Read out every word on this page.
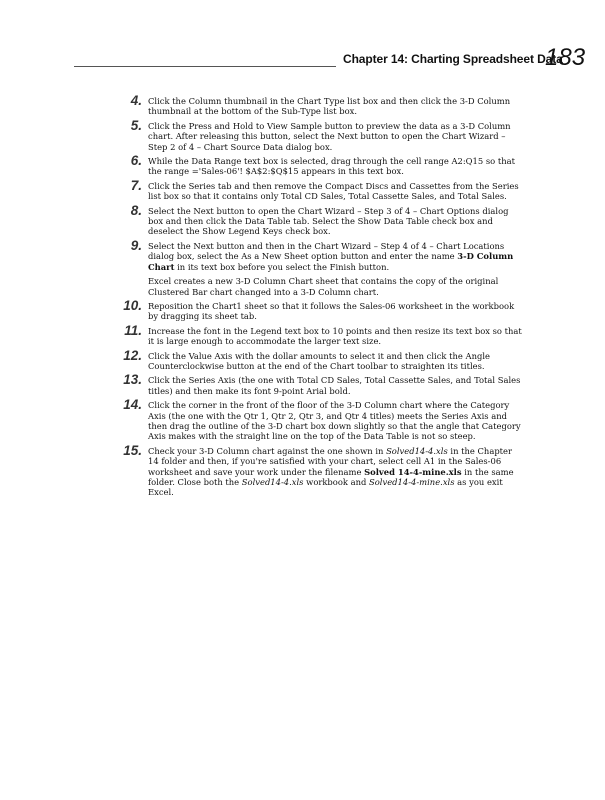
Chapter 14: Charting Spreadsheet Data
183
4. Click the Column thumbnail in the Chart Type list box and then click the 3-D Column thumbnail at the bottom of the Sub-Type list box.
5. Click the Press and Hold to View Sample button to preview the data as a 3-D Column chart. After releasing this button, select the Next button to open the Chart Wizard – Step 2 of 4 – Chart Source Data dialog box.
6. While the Data Range text box is selected, drag through the cell range A2:Q15 so that the range ='Sales-06'! $A$2:$Q$15 appears in this text box.
7. Click the Series tab and then remove the Compact Discs and Cassettes from the Series list box so that it contains only Total CD Sales, Total Cassette Sales, and Total Sales.
8. Select the Next button to open the Chart Wizard – Step 3 of 4 – Chart Options dialog box and then click the Data Table tab. Select the Show Data Table check box and deselect the Show Legend Keys check box.
9. Select the Next button and then in the Chart Wizard – Step 4 of 4 – Chart Locations dialog box, select the As a New Sheet option button and enter the name 3-D Column Chart in its text box before you select the Finish button.
Excel creates a new 3-D Column Chart sheet that contains the copy of the original Clustered Bar chart changed into a 3-D Column chart.
10. Reposition the Chart1 sheet so that it follows the Sales-06 worksheet in the workbook by dragging its sheet tab.
11. Increase the font in the Legend text box to 10 points and then resize its text box so that it is large enough to accommodate the larger text size.
12. Click the Value Axis with the dollar amounts to select it and then click the Angle Counterclockwise button at the end of the Chart toolbar to straighten its titles.
13. Click the Series Axis (the one with Total CD Sales, Total Cassette Sales, and Total Sales titles) and then make its font 9-point Arial bold.
14. Click the corner in the front of the floor of the 3-D Column chart where the Category Axis (the one with the Qtr 1, Qtr 2, Qtr 3, and Qtr 4 titles) meets the Series Axis and then drag the outline of the 3-D chart box down slightly so that the angle that Category Axis makes with the straight line on the top of the Data Table is not so steep.
15. Check your 3-D Column chart against the one shown in Solved14-4.xls in the Chapter 14 folder and then, if you're satisfied with your chart, select cell A1 in the Sales-06 worksheet and save your work under the filename Solved 14-4-mine.xls in the same folder. Close both the Solved14-4.xls workbook and Solved14-4-mine.xls as you exit Excel.
